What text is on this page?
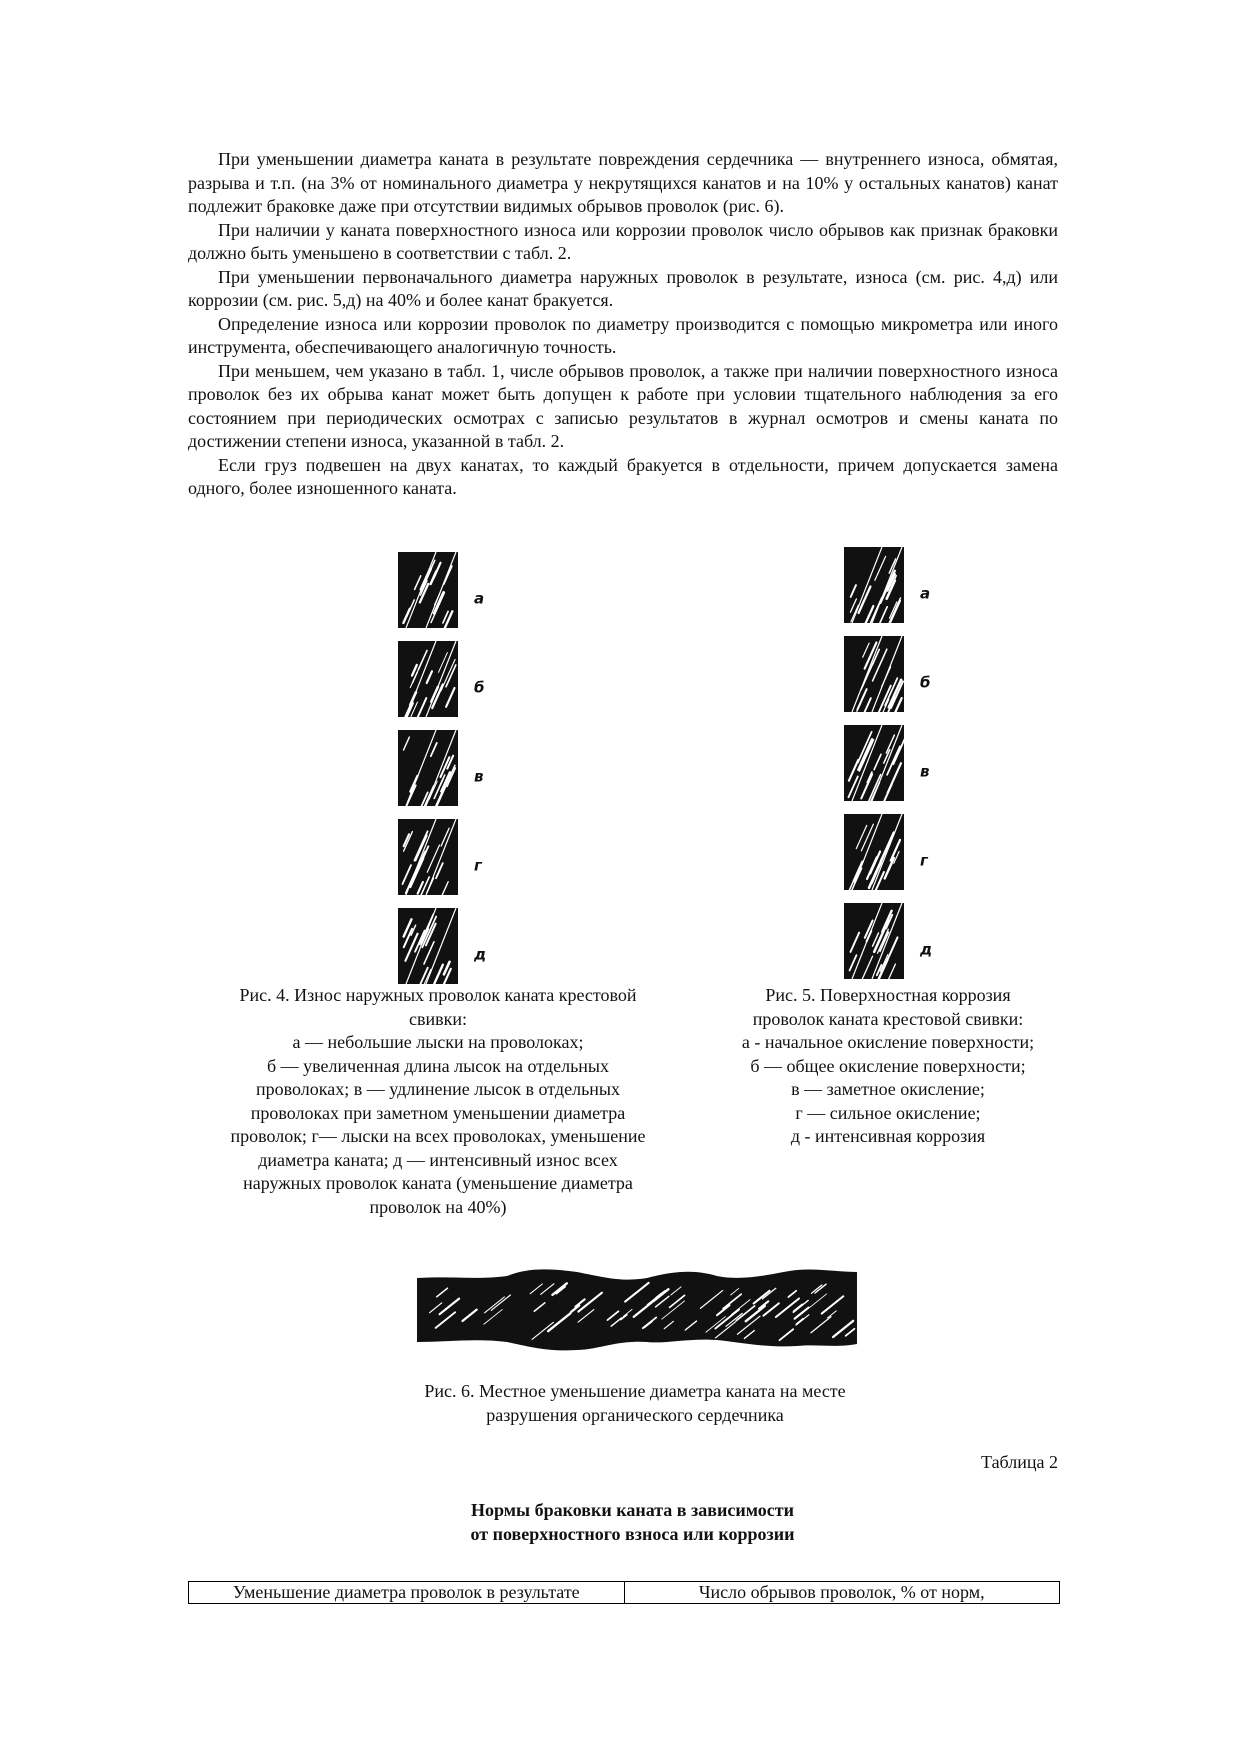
При уменьшении диаметра каната в результате повреждения сердечника — внутреннего износа, обмятая, разрыва и т.п. (на 3% от номинального диаметра у некрутящихся канатов и на 10% у остальных канатов) канат подлежит браковке даже при отсутствии видимых обрывов проволок (рис. 6).

При наличии у каната поверхностного износа или коррозии проволок число обрывов как признак браковки должно быть уменьшено в соответствии с табл. 2.

При уменьшении первоначального диаметра наружных проволок в результате, износа (см. рис. 4,д) или коррозии (см. рис. 5,д) на 40% и более канат бракуется.

Определение износа или коррозии проволок по диаметру производится с помощью микрометра или иного инструмента, обеспечивающего аналогичную точность.

При меньшем, чем указано в табл. 1, числе обрывов проволок, а также при наличии поверхностного износа проволок без их обрыва канат может быть допущен к работе при условии тщательного наблюдения за его состоянием при периодических осмотрах с записью результатов в журнал осмотров и смены каната по достижении степени износа, указанной в табл. 2.

Если груз подвешен на двух канатах, то каждый бракуется в отдельности, причем допускается замена одного, более изношенного каната.

а
б
в
г
д
а
б
в
г
д
Рис. 4. Износ наружных проволок каната крестовой
свивки:
а — небольшие лыски на проволоках;
б — увеличенная длина лысок на отдельных
проволоках; в — удлинение лысок в отдельных
проволоках при заметном уменьшении диаметра
проволок; г— лыски на всех проволоках, уменьшение
диаметра каната; д — интенсивный износ всех
наружных проволок каната (уменьшение диаметра
проволок на 40%)
Рис. 5. Поверхностная коррозия
проволок каната крестовой свивки:
а - начальное окисление поверхности;
б — общее окисление поверхности;
в — заметное окисление;
г — сильное окисление;
д - интенсивная коррозия
Рис. 6. Местное уменьшение диаметра каната на месте
разрушения органического сердечника
Таблица 2
Нормы браковки каната в зависимости
от поверхностного взноса или коррозии
Уменьшение диаметра проволок в результате	Число обрывов проволок, % от норм,
